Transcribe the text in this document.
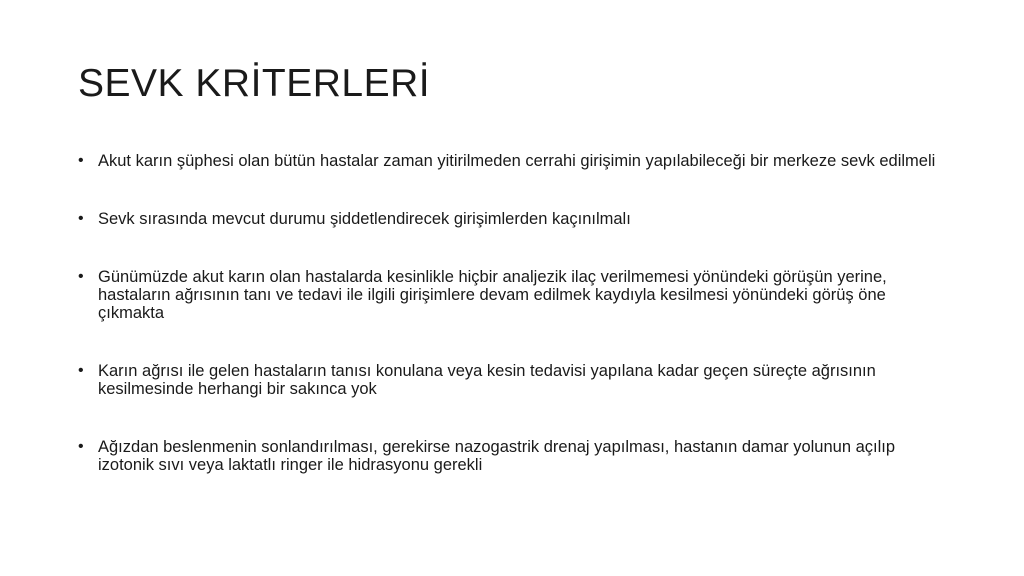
SEVK KRİTERLERİ
• Akut karın şüphesi olan bütün hastalar zaman yitirilmeden cerrahi girişimin yapılabileceği bir merkeze sevk edilmeli
• Sevk sırasında mevcut durumu şiddetlendirecek girişimlerden kaçınılmalı
• Günümüzde akut karın olan hastalarda kesinlikle hiçbir analjezik ilaç verilmemesi yönündeki görüşün yerine, hastaların ağrısının tanı ve tedavi ile ilgili girişimlere devam edilmek kaydıyla kesilmesi yönündeki görüş öne çıkmakta
• Karın ağrısı ile gelen hastaların tanısı konulana veya kesin tedavisi yapılana kadar geçen süreçte ağrısının kesilmesinde herhangi bir sakınca yok
• Ağızdan beslenmenin sonlandırılması, gerekirse nazogastrik drenaj yapılması, hastanın damar yolunun açılıp izotonik sıvı veya laktatlı ringer ile hidrasyonu gerekli
